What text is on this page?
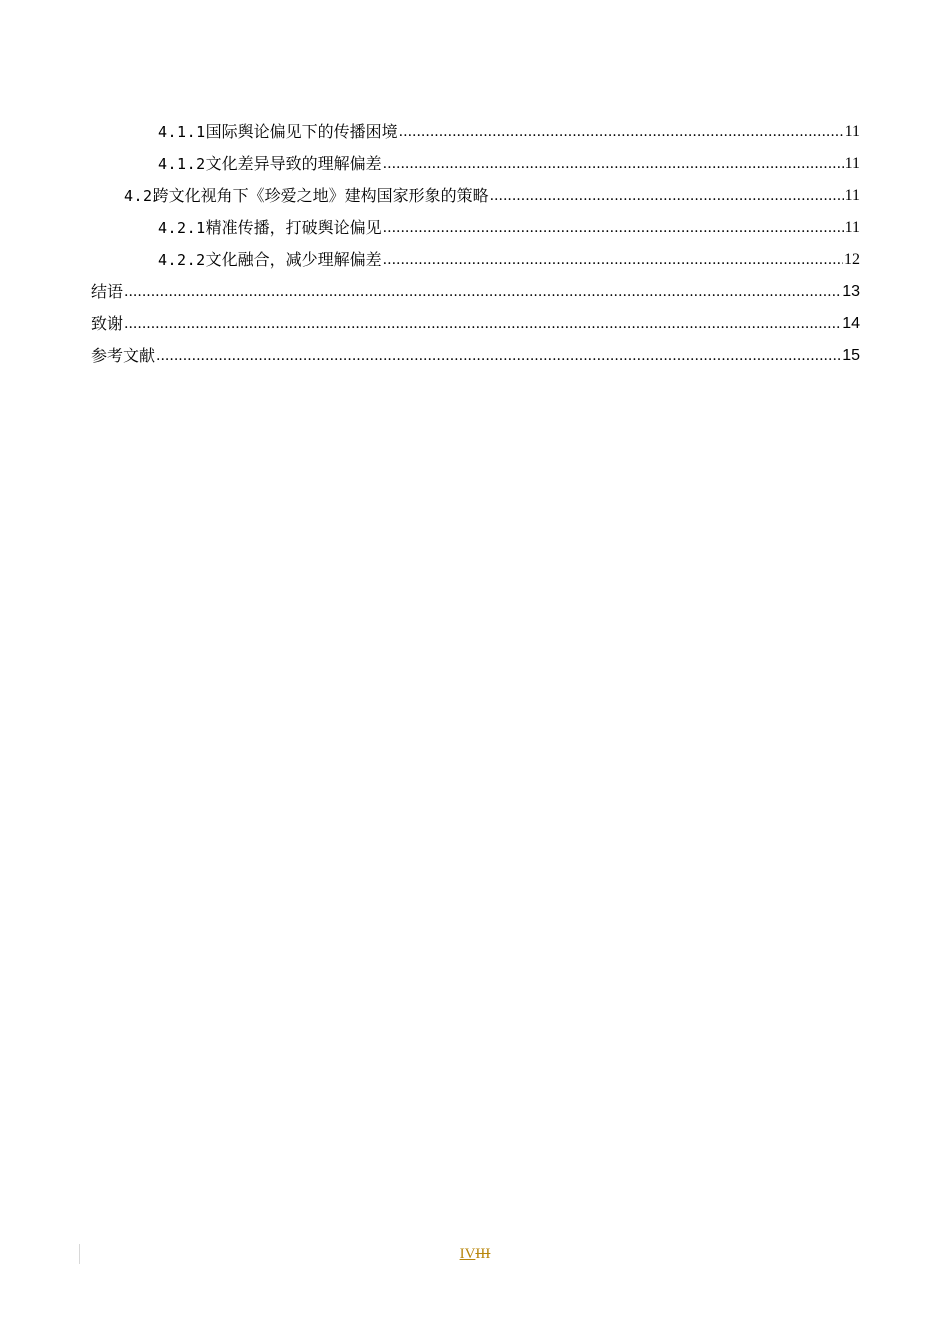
4.1.1 国际舆论偏见下的传播困境 .....	11
4.1.2 文化差异导致的理解偏差 .....	11
4.2 跨文化视角下《珍爱之地》建构国家形象的策略 .....	11
4.2.1 精准传播，打破舆论偏见 .....	11
4.2.2 文化融合，减少理解偏差 .....	12
结语 .....	13
致谢 .....	14
参考文献 .....	15
IVIII
